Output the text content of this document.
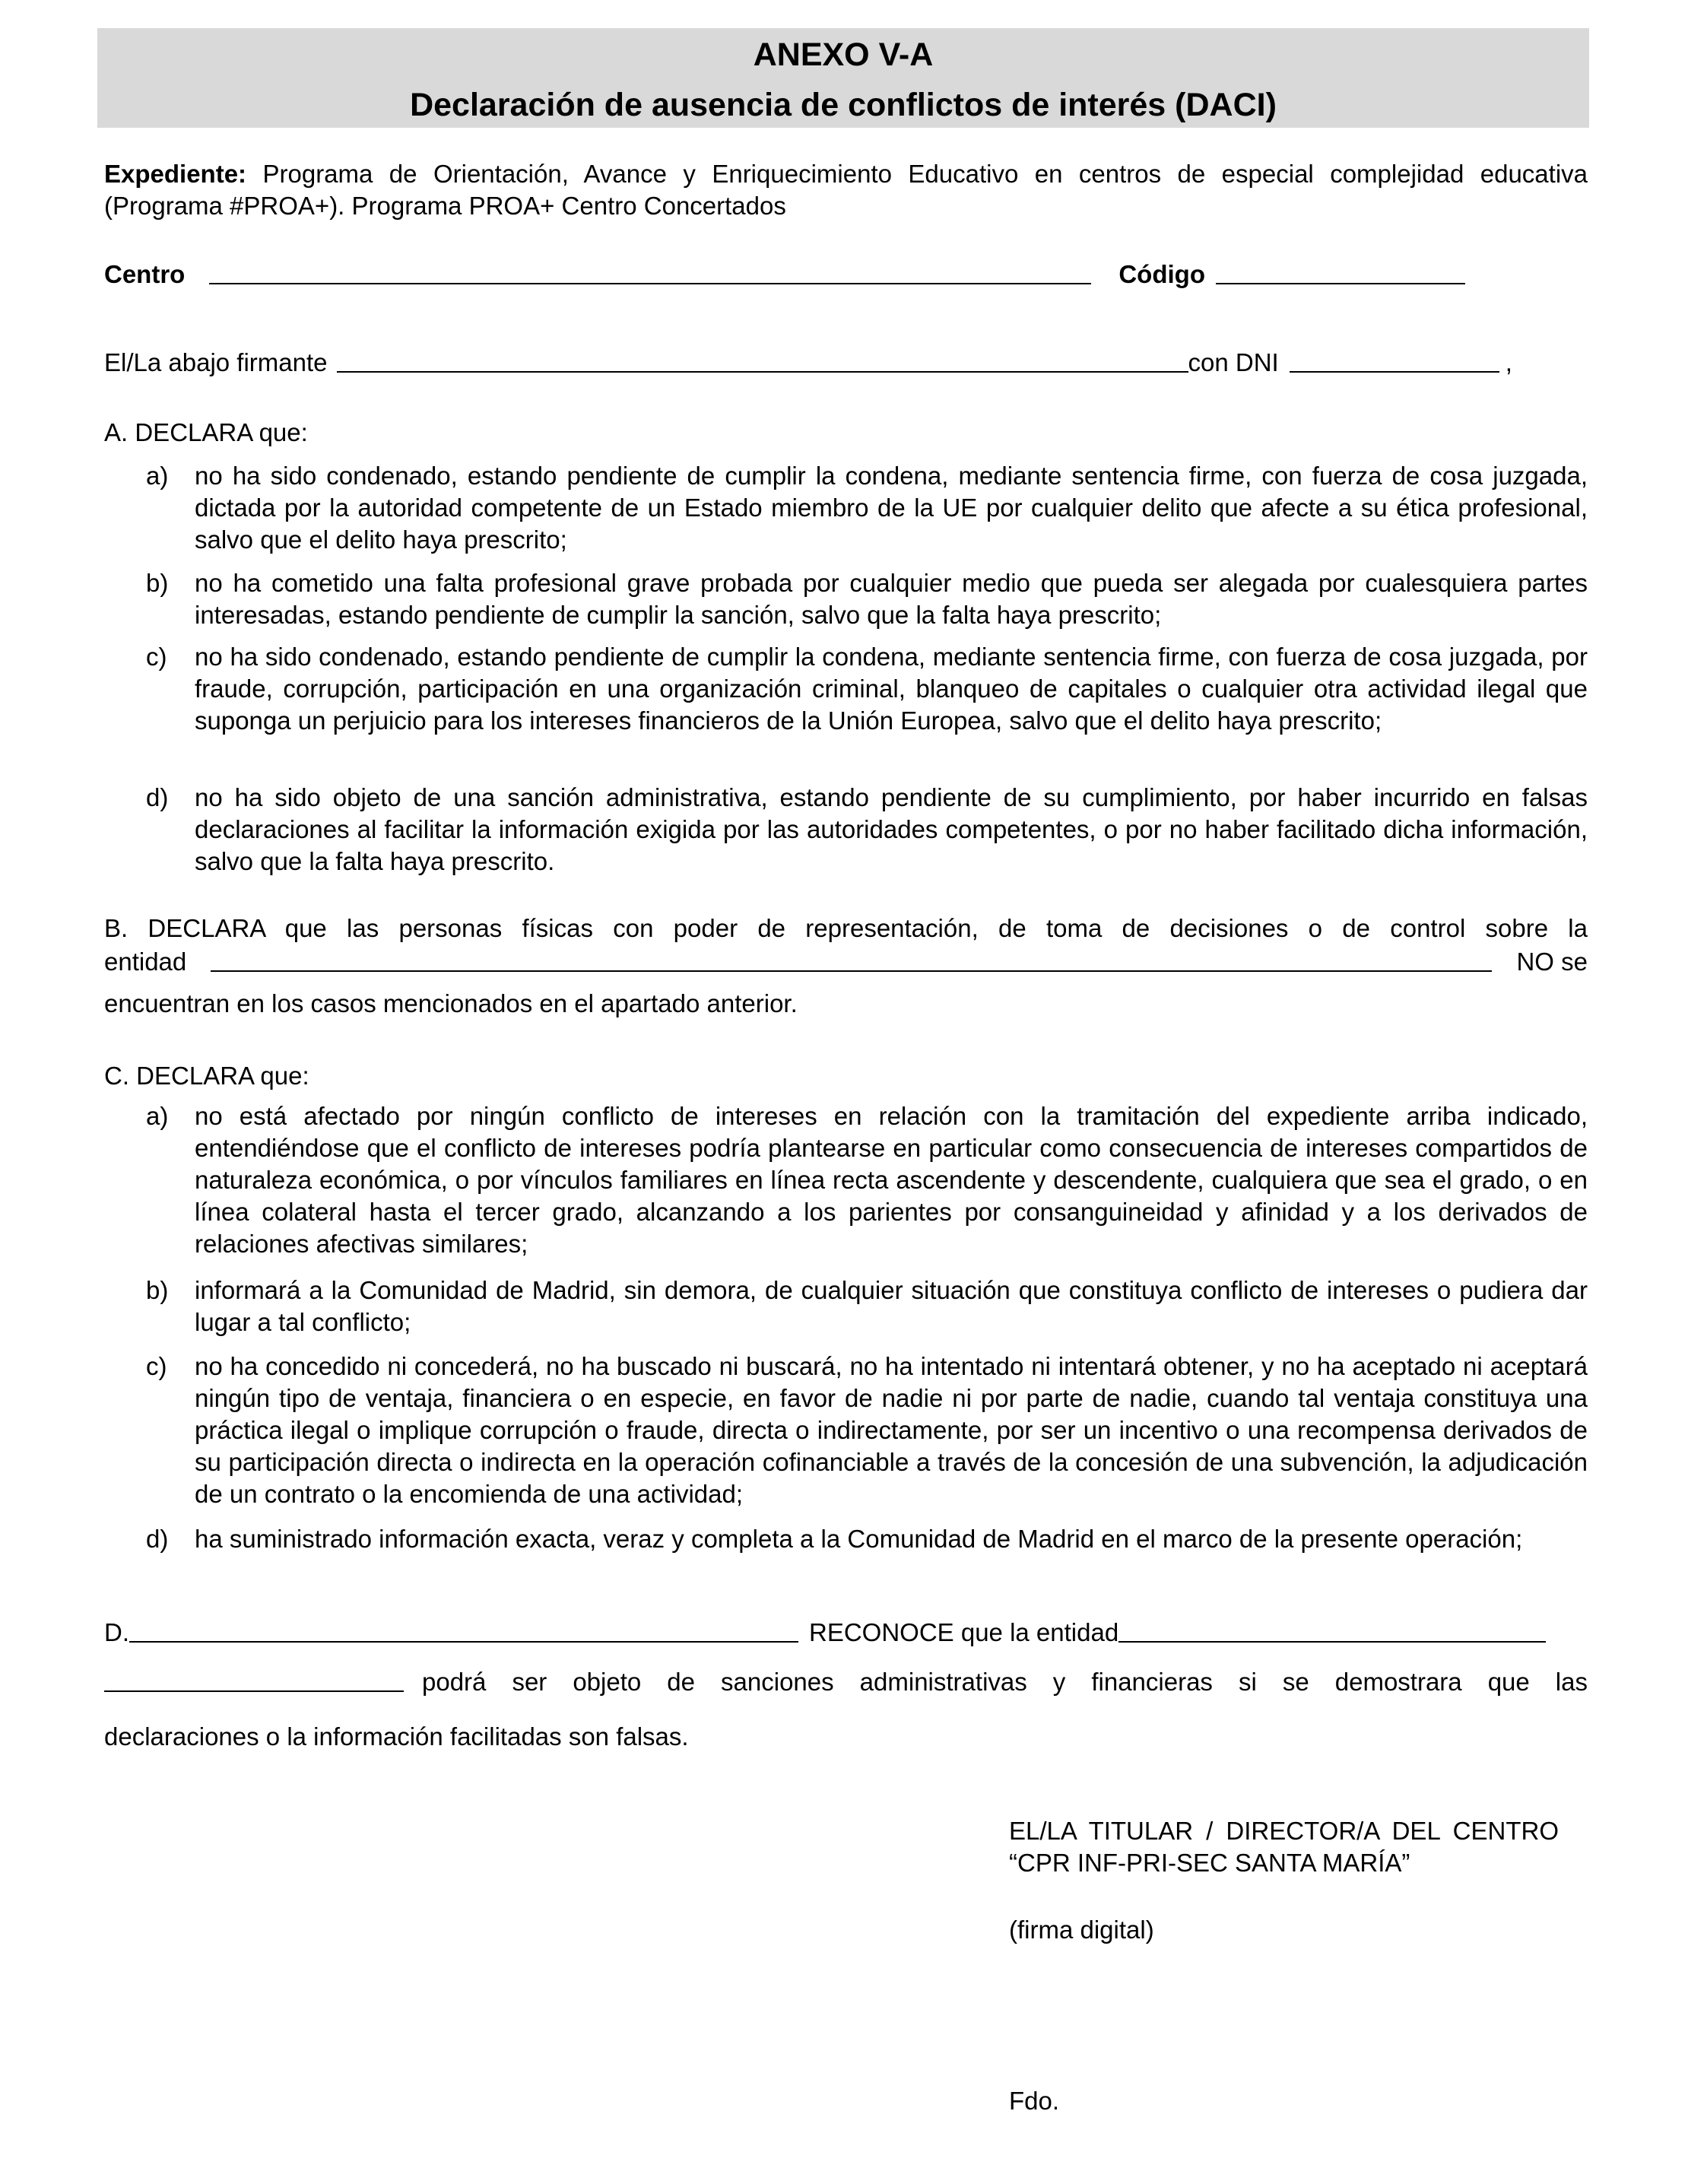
ANEXO V-A
Declaración de ausencia de conflictos de interés (DACI)
Expediente: Programa de Orientación, Avance y Enriquecimiento Educativo en centros de especial complejidad educativa (Programa #PROA+). Programa PROA+ Centro Concertados
Centro	Código
El/La abajo firmante	con DNI	,
A. DECLARA que:
a)	no ha sido condenado, estando pendiente de cumplir la condena, mediante sentencia firme, con fuerza de cosa juzgada, dictada por la autoridad competente de un Estado miembro de la UE por cualquier delito que afecte a su ética profesional, salvo que el delito haya prescrito;
b)	no ha cometido una falta profesional grave probada por cualquier medio que pueda ser alegada por cualesquiera partes interesadas, estando pendiente de cumplir la sanción, salvo que la falta haya prescrito;
c)	no ha sido condenado, estando pendiente de cumplir la condena, mediante sentencia firme, con fuerza de cosa juzgada, por fraude, corrupción, participación en una organización criminal, blanqueo de capitales o cualquier otra actividad ilegal que suponga un perjuicio para los intereses financieros de la Unión Europea, salvo que el delito haya prescrito;
d)	no ha sido objeto de una sanción administrativa, estando pendiente de su cumplimiento, por haber incurrido en falsas declaraciones al facilitar la información exigida por las autoridades competentes, o por no haber facilitado dicha información, salvo que la falta haya prescrito.
B. DECLARA que las personas físicas con poder de representación, de toma de decisiones o de control sobre la
entidad	NO se
encuentran en los casos mencionados en el apartado anterior.
C. DECLARA que:
a)	no está afectado por ningún conflicto de intereses en relación con la tramitación del expediente arriba indicado, entendiéndose que el conflicto de intereses podría plantearse en particular como consecuencia de intereses compartidos de naturaleza económica, o por vínculos familiares en línea recta ascendente y descendente, cualquiera que sea el grado, o en línea colateral hasta el tercer grado, alcanzando a los parientes por consanguineidad y afinidad y a los derivados de relaciones afectivas similares;
b)	informará a la Comunidad de Madrid, sin demora, de cualquier situación que constituya conflicto de intereses o pudiera dar lugar a tal conflicto;
c)	no ha concedido ni concederá, no ha buscado ni buscará, no ha intentado ni intentará obtener, y no ha aceptado ni aceptará ningún tipo de ventaja, financiera o en especie, en favor de nadie ni por parte de nadie, cuando tal ventaja constituya una práctica ilegal o implique corrupción o fraude, directa o indirectamente, por ser un incentivo o una recompensa derivados de su participación directa o indirecta en la operación cofinanciable a través de la concesión de una subvención, la adjudicación de un contrato o la encomienda de una actividad;
d)	ha suministrado información exacta, veraz y completa a la Comunidad de Madrid en el marco de la presente operación;
D.	RECONOCE que la entidad
podrá ser objeto de sanciones administrativas y financieras si se demostrara que las
declaraciones o la información facilitadas son falsas.
EL/LA TITULAR / DIRECTOR/A DEL CENTRO “CPR INF-PRI-SEC SANTA MARÍA”
(firma digital)
Fdo.
